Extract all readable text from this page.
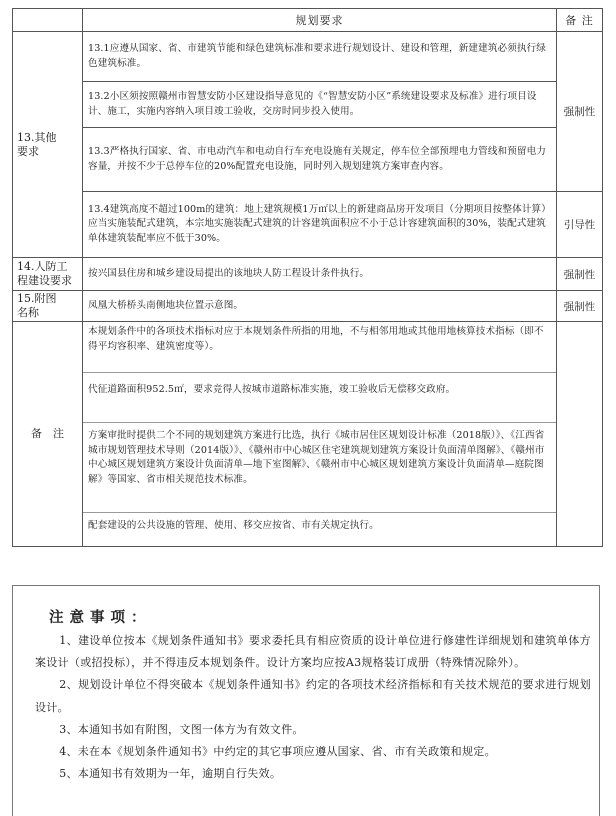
	规划要求	备 注
13.其他
要求	13.1应遵从国家、省、市建筑节能和绿色建筑标准和要求进行规划设计、建设和管理，新建建筑必须执行绿色建筑标准。	强制性
	13.2小区须按照赣州市智慧安防小区建设指导意见的《“智慧安防小区”系统建设要求及标准》进行项目设计、施工，实施内容纳入项目竣工验收，交房时同步投入使用。	
	13.3严格执行国家、省、市电动汽车和电动自行车充电设施有关规定，停车位全部预埋电力管线和预留电力容量，并按不少于总停车位的20%配置充电设施，同时列入规划建筑方案审查内容。	
	13.4建筑高度不超过100m的建筑：地上建筑规模1万㎡以上的新建商品房开发项目（分期项目按整体计算）应当实施装配式建筑，本宗地实施装配式建筑的计容建筑面积应不小于总计容建筑面积的30%，装配式建筑单体建筑装配率应不低于30%。	引导性
14.人防工
程建设要求	按兴国县住房和城乡建设局提出的该地块人防工程设计条件执行。	强制性
15.附图
名称	凤凰大桥桥头南侧地块位置示意图。	强制性
备　注	本规划条件中的各项技术指标对应于本规划条件所指的用地，不与相邻用地或其他用地核算技术指标（即不得平均容积率、建筑密度等）。
代征道路面积952.5㎡，要求竞得人按城市道路标准实施，竣工验收后无偿移交政府。
方案审批时提供二个不同的规划建筑方案进行比选，执行《城市居住区规划设计标准（2018版）》、《江西省城市规划管理技术导则（2014版）》、《赣州市中心城区住宅建筑规划建筑方案设计负面清单图解》、《赣州市中心城区规划建筑方案设计负面清单—地下室图解》、《赣州市中心城区规划建筑方案设计负面清单—庭院图解》等国家、省市相关规范技术标准。
配套建设的公共设施的管理、使用、移交应按省、市有关规定执行。	

注意事项：

1、建设单位按本《规划条件通知书》要求委托具有相应资质的设计单位进行修建性详细规划和建筑单体方案设计（或招投标），并不得违反本规划条件。设计方案均应按A3规格装订成册（特殊情况除外）。

2、规划设计单位不得突破本《规划条件通知书》约定的各项技术经济指标和有关技术规范的要求进行规划设计。

3、本通知书如有附图，文图一体方为有效文件。

4、未在本《规划条件通知书》中约定的其它事项应遵从国家、省、市有关政策和规定。

5、本通知书有效期为一年，逾期自行失效。
